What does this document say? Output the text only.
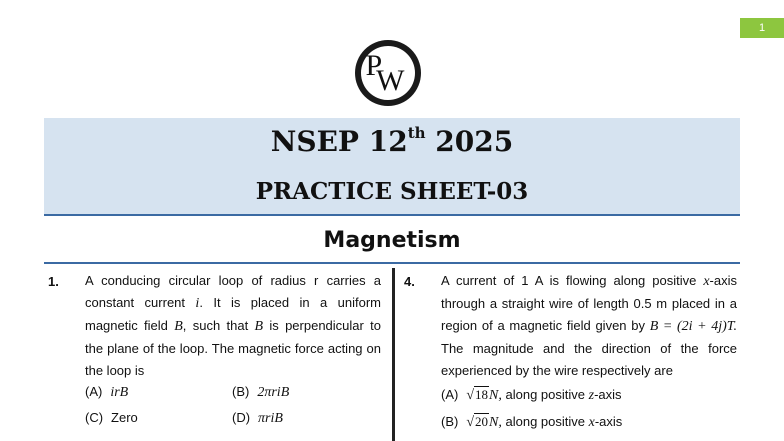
1
P
W
NSEP 12th 2025
PRACTICE SHEET-03
Magnetism
1. A conducing circular loop of radius r carries a constant current i. It is placed in a uniform magnetic field B, such that B is perpendicular to the plane of the loop. The magnetic force acting on the loop is
(A) irB	(B) 2πriB
(C) Zero	(D) πriB
4. A current of 1 A is flowing along positive x-axis through a straight wire of length 0.5 m placed in a region of a magnetic field given by B = (2i + 4j)T. The magnitude and the direction of the force experienced by the wire respectively are
(A) √18N, along positive z-axis
(B) √20N, along positive x-axis
